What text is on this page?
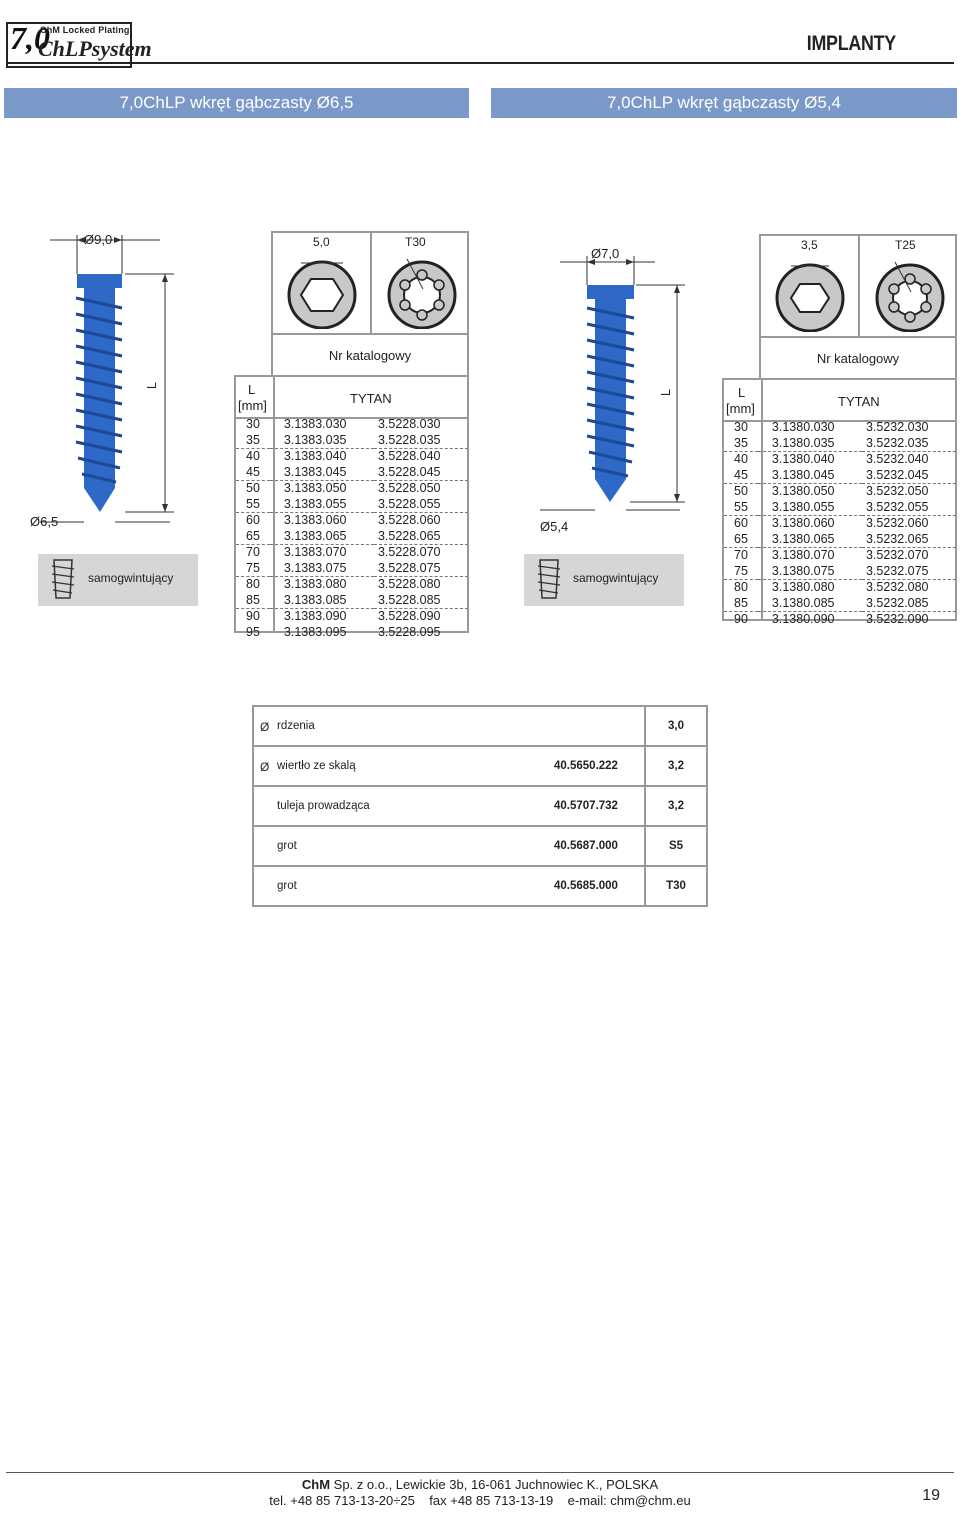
7,0
ChM Locked Plating
ChLPsystem	IMPLANTY
7,0ChLP wkręt gąbczasty Ø6,5	7,0ChLP wkręt gąbczasty Ø5,4
Ø9,0
L
Ø6,5
samogwintujący
5,0	T30
Nr katalogowy
L
[mm]	TYTAN
30	3.1383.030	3.5228.030
35	3.1383.035	3.5228.035
40	3.1383.040	3.5228.040
45	3.1383.045	3.5228.045
50	3.1383.050	3.5228.050
55	3.1383.055	3.5228.055
60	3.1383.060	3.5228.060
65	3.1383.065	3.5228.065
70	3.1383.070	3.5228.070
75	3.1383.075	3.5228.075
80	3.1383.080	3.5228.080
85	3.1383.085	3.5228.085
90	3.1383.090	3.5228.090
95	3.1383.095	3.5228.095
Ø7,0
L
Ø5,4
samogwintujący
3,5	T25
Nr katalogowy
L
[mm]	TYTAN
30	3.1380.030	3.5232.030
35	3.1380.035	3.5232.035
40	3.1380.040	3.5232.040
45	3.1380.045	3.5232.045
50	3.1380.050	3.5232.050
55	3.1380.055	3.5232.055
60	3.1380.060	3.5232.060
65	3.1380.065	3.5232.065
70	3.1380.070	3.5232.070
75	3.1380.075	3.5232.075
80	3.1380.080	3.5232.080
85	3.1380.085	3.5232.085
90	3.1380.090	3.5232.090
Ø rdzenia	3,0

Ø wiertło ze skalą 40.5650.222	3,2

tuleja prowadząca 40.5707.732	3,2

grot 40.5687.000	S5

grot 40.5685.000	T30
ChM Sp. z o.o., Lewickie 3b, 16-061 Juchnowiec K., POLSKA
tel. +48 85 713-13-20÷25    fax +48 85 713-13-19    e-mail: chm@chm.eu	19
